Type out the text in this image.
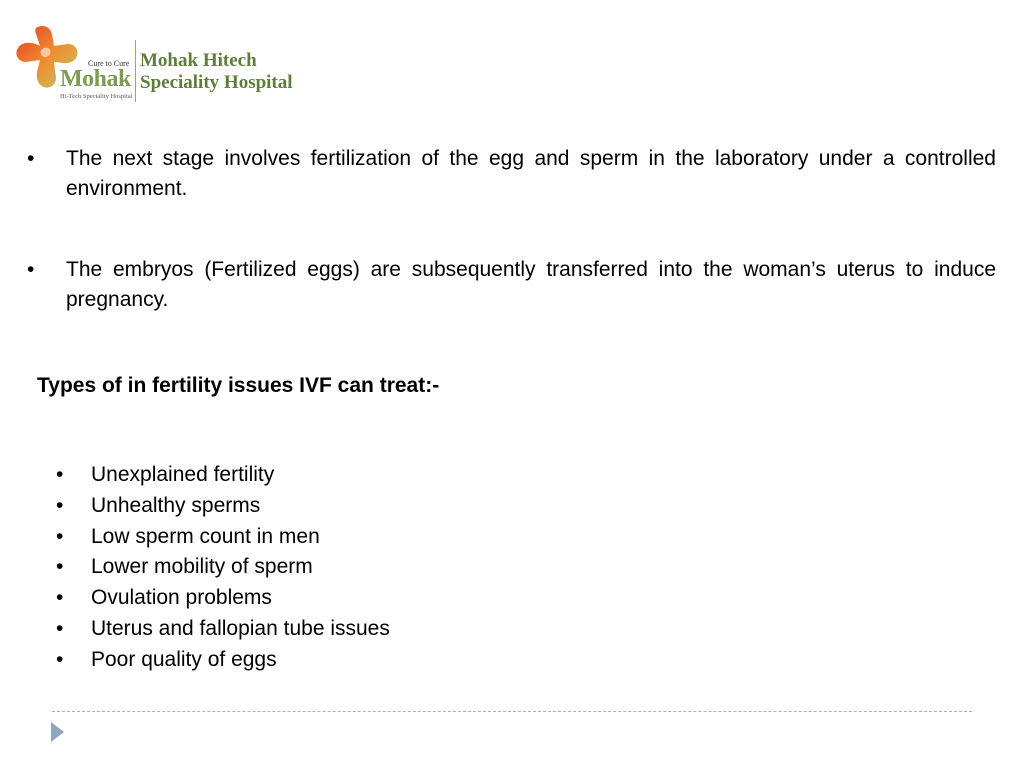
Cure to Cure
Mohak
Hi-Tech Speciality Hospital
Mohak Hitech
Speciality Hospital
• The next stage involves fertilization of the egg and sperm in the laboratory under a controlled environment.
• The embryos (Fertilized eggs) are subsequently transferred into the woman’s uterus to induce pregnancy.
Types of in fertility issues IVF can treat:-
• Unexplained fertility
• Unhealthy sperms
• Low sperm count in men
• Lower mobility of sperm
• Ovulation problems
• Uterus and fallopian tube issues
• Poor quality of eggs
